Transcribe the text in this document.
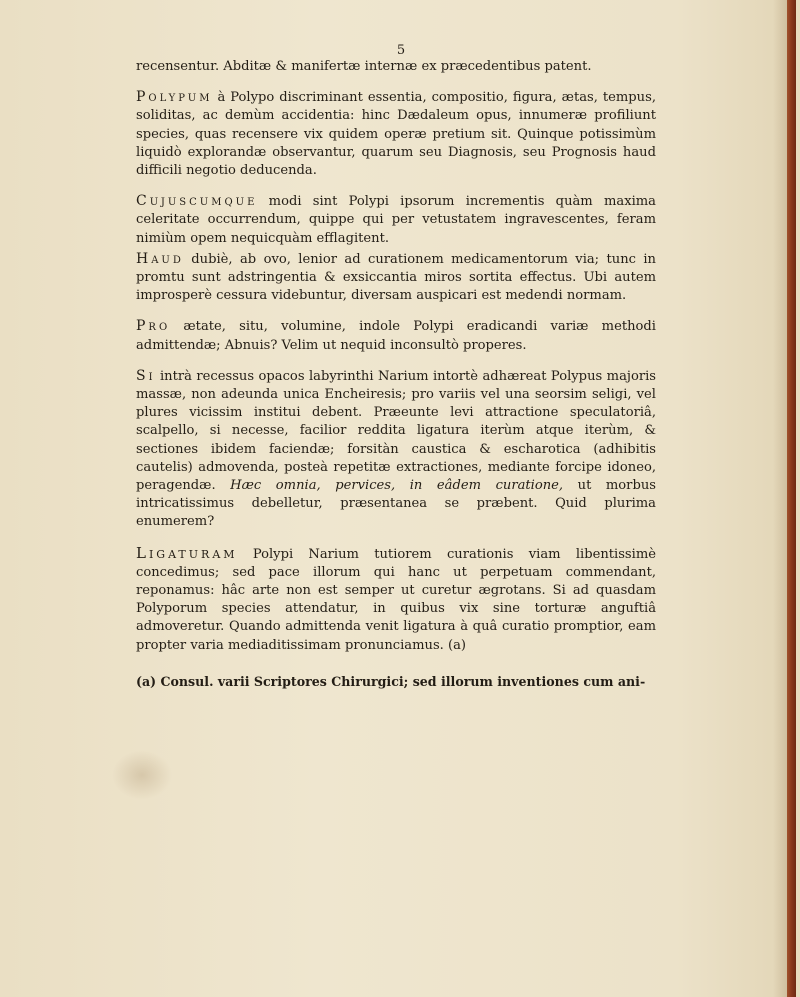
5

recensentur. Abditæ & manifertæ internæ ex præcedentibus patent.

Polypum à Polypo discriminant essentia, compositio, figura, ætas, tempus, soliditas, ac demùm accidentia: hinc Dædaleum opus, innumeræ profiliunt species, quas recensere vix quidem operæ pretium sit. Quinque potissimùm liquidò explorandæ observantur, quarum seu Diagnosis, seu Prognosis haud difficili negotio deducenda.

Cujuscumque modi sint Polypi ipsorum incrementis quàm maxima celeritate occurrendum, quippe qui per vetustatem ingravescentes, feram nimiùm opem nequicquàm efflagitent.

Haud dubiè, ab ovo, lenior ad curationem medicamentorum via; tunc in promtu sunt adstringentia & exsiccantia miros sortita effectus. Ubi autem improsperè cessura videbuntur, diversam auspicari est medendi normam.

Pro ætate, situ, volumine, indole Polypi eradicandi variæ methodi admittendæ; Abnuis? Velim ut nequid inconsultò properes.

Si intrà recessus opacos labyrinthi Narium intortè adhæreat Polypus majoris massæ, non adeunda unica Encheiresis; pro variis vel una seorsim seligi, vel plures vicissim institui debent. Præeunte levi attractione speculatoriâ, scalpello, si necesse, facilior reddita ligatura iterùm atque iterùm, & sectiones ibidem faciendæ; forsitàn caustica & escharotica (adhibitis cautelis) admovenda, posteà repetitæ extractiones, mediante forcipe idoneo, peragendæ. Hæc omnia, pervices, in eâdem curatione, ut morbus intricatissimus debelletur, præsentanea se præbent. Quid plurima enumerem?

Ligaturam Polypi Narium tutiorem curationis viam libentissimè concedimus; sed pace illorum qui hanc ut perpetuam commendant, reponamus: hâc arte non est semper ut curetur ægrotans. Si ad quasdam Polyporum species attendatur, in quibus vix sine torturæ anguftiâ admoveretur. Quando admittenda venit ligatura à quâ curatio promptior, eam propter varia mediaditissimam pronunciamus. (a)

(a) Consul. varii Scriptores Chirurgici; sed illorum inventiones cum ani-
